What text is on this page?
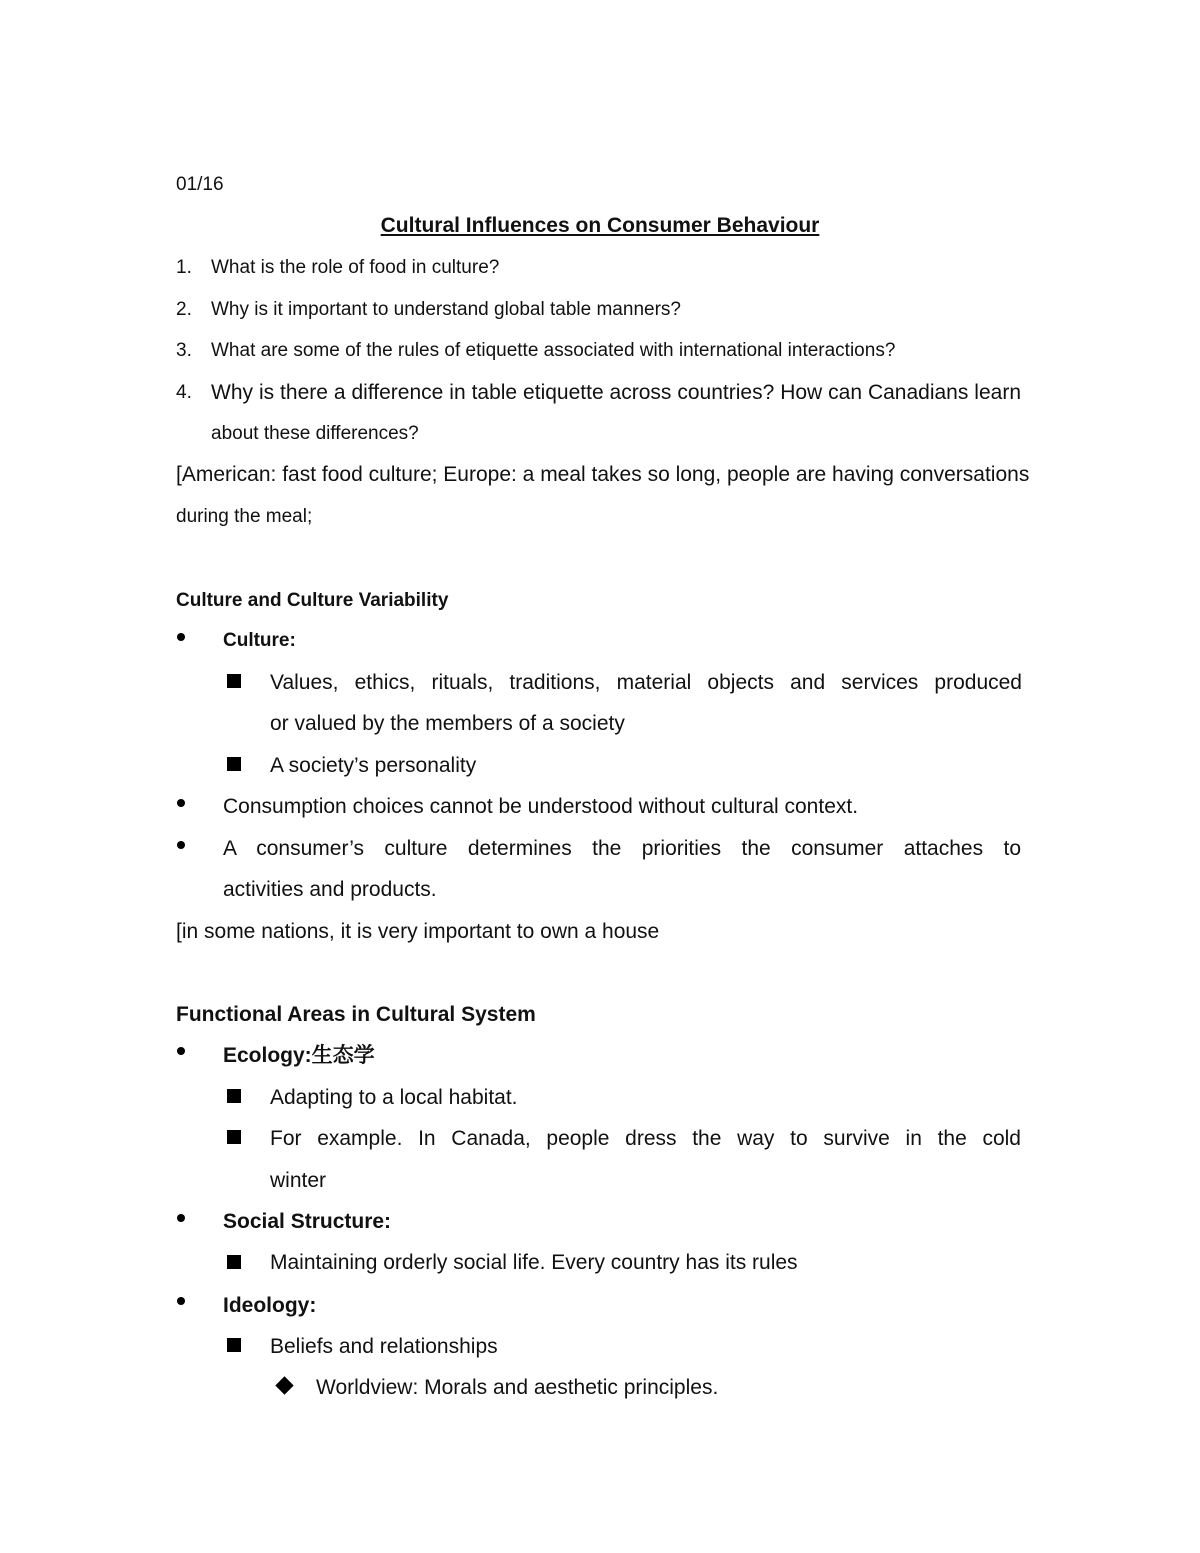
01/16
Cultural Influences on Consumer Behaviour
1. What is the role of food in culture?
2. Why is it important to understand global table manners?
3. What are some of the rules of etiquette associated with international interactions?
4. Why is there a difference in table etiquette across countries? How can Canadians learn
about these differences?
[American: fast food culture; Europe: a meal takes so long, people are having conversations
during the meal;
Culture and Culture Variability
Culture:
Values, ethics, rituals, traditions, material objects and services produced
or valued by the members of a society
A society’s personality
Consumption choices cannot be understood without cultural context.
A consumer’s culture determines the priorities the consumer attaches to
activities and products.
[in some nations, it is very important to own a house
Functional Areas in Cultural System
Ecology:生态学
Adapting to a local habitat.
For example. In Canada, people dress the way to survive in the cold
winter
Social Structure:
Maintaining orderly social life. Every country has its rules
Ideology:
Beliefs and relationships
Worldview: Morals and aesthetic principles.
